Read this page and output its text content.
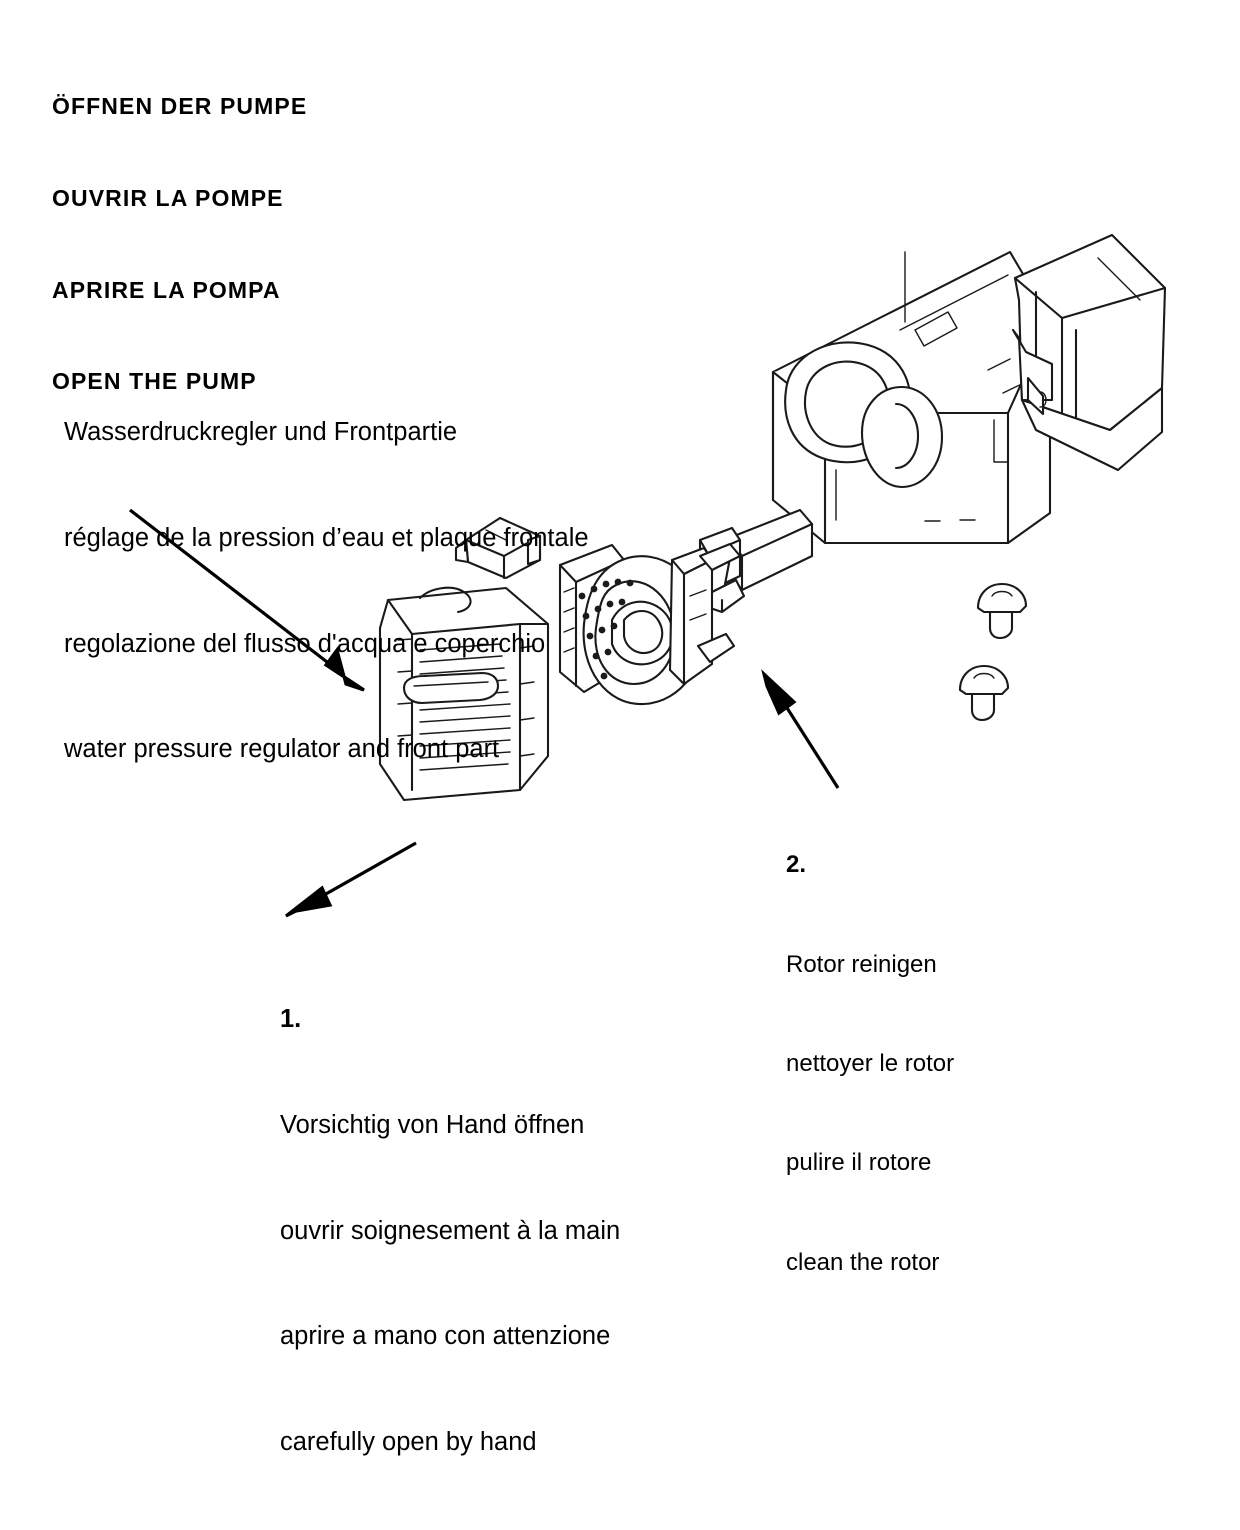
ÖFFNEN DER PUMPE

OUVRIR LA POMPE

APRIRE LA POMPA

OPEN THE PUMP

Wasserdruckregler und Frontpartie

réglage de la pression d’eau et plaque frontale

regolazione del flusso d'acqua e coperchio

water pressure regulator and front part

1.

Vorsichtig von Hand öffnen

ouvrir soignesement à la main

aprire a mano con attenzione

carefully open by hand

2.

Rotor reinigen

nettoyer le rotor

pulire il rotore

clean the rotor
